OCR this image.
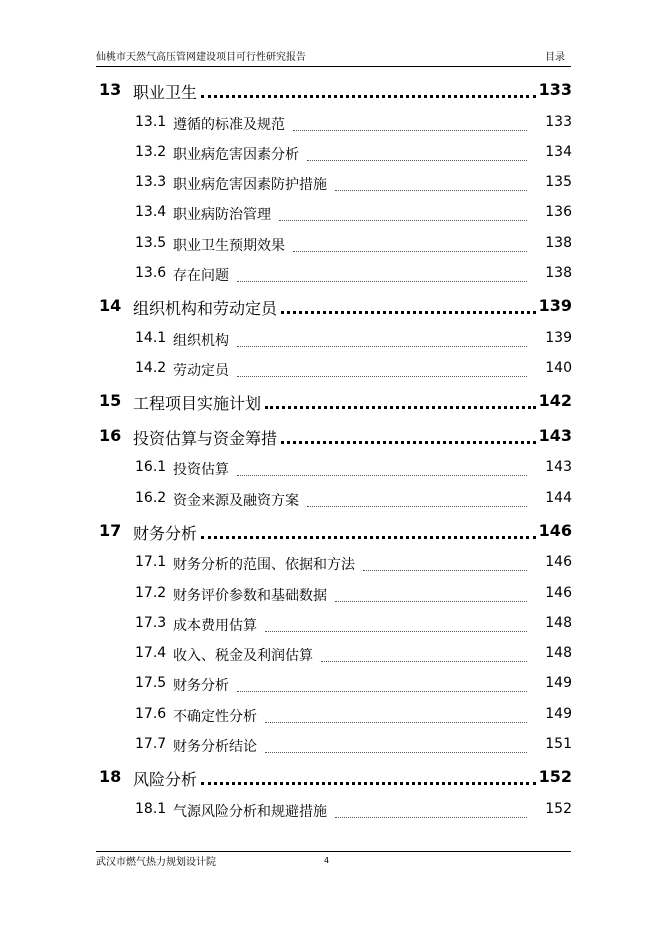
仙桃市天然气高压管网建设项目可行性研究报告	目录
13 职业卫生	133
13.1 遵循的标准及规范	133
13.2 职业病危害因素分析	134
13.3 职业病危害因素防护措施	135
13.4 职业病防治管理	136
13.5 职业卫生预期效果	138
13.6 存在问题	138
14 组织机构和劳动定员	139
14.1 组织机构	139
14.2 劳动定员	140
15 工程项目实施计划	142
16 投资估算与资金筹措	143
16.1 投资估算	143
16.2 资金来源及融资方案	144
17 财务分析	146
17.1 财务分析的范围、依据和方法	146
17.2 财务评价参数和基础数据	146
17.3 成本费用估算	148
17.4 收入、税金及利润估算	148
17.5 财务分析	149
17.6 不确定性分析	149
17.7 财务分析结论	151
18 风险分析	152
18.1 气源风险分析和规避措施	152
武汉市燃气热力规划设计院	4
